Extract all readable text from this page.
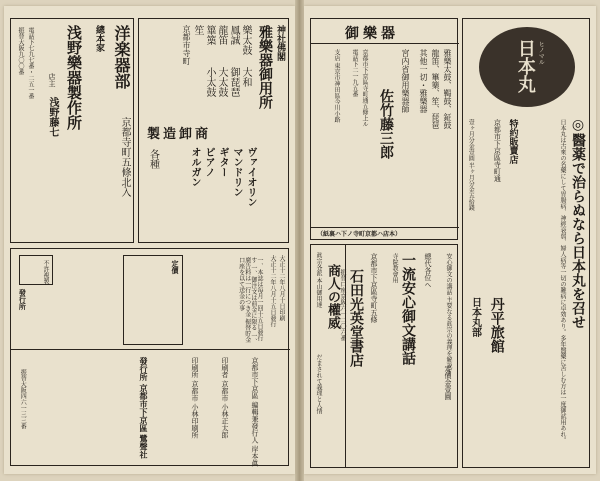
洋楽器部
京都寺町五條北入
總本家
浅野樂器製作所
店主
浅野藤七
電話下七九七番・二五一番
振替大阪九〇〇番	神社佛閣
雅樂器御用所
樂太鼓
鳳誠
龍笛
篳篥
笙
大和
御琵琶
大太鼓
小太鼓
京都市寺町
製造卸商
ヴァイオリン
マンドリン
ギター
ピアノ
オルガン
各種
大正十二年八月十日印刷
大正十二年八月十五日發行
一、本誌は毎月一回十五日發行す 一、御注文は前金に限る 一、廣告料は一行につき金 振替貯金口座を以て送金の事
定價
不許複製
發行所
京都市下京區 編輯兼發行人 岸本眞
印刷者 京都市 小林正太郎
印刷所 京都市 小林印刷所
發行所 京都市下京區 鷺聲社
振替大阪四六一三三番
日本丸 ヒノマル
◎醫薬で治らぬなら日本丸を召せ
日本丸は古來の名藥にして胃腸病、神經衰弱、婦人病等一切の難病に卓効あり。多年醫藥に苦しむ方は一度御試用あれ。
特約販賣店
京都市下京區寺町通
丹平旅館
日本丸部
壹ヶ月分金壹圓 半ヶ月分金五拾錢
御樂器
雅樂太鼓、鞨鼓、鉦鼓
龍笛、篳篥、笙、琵琶
其他一切・雅樂器
宮内省御用樂器師
佐竹藤三郎
京都市下京區寺町通五條上ル
電話下二一九五番
支店 東京市神田區今川小路
（紙裏ハ下ノ寺町京都ハ店本）
一流安心御文講話
寺院教會用	總代各位へ
定價金壹圓
京都市下京區寺町五條
石田光英堂書店
振替口座京阪六一二〇六番	安心御文の講話 主要なる眞宗の義理を解説す
商人の權威
眞宗各派 本山御用達
だまされて義理と人情
